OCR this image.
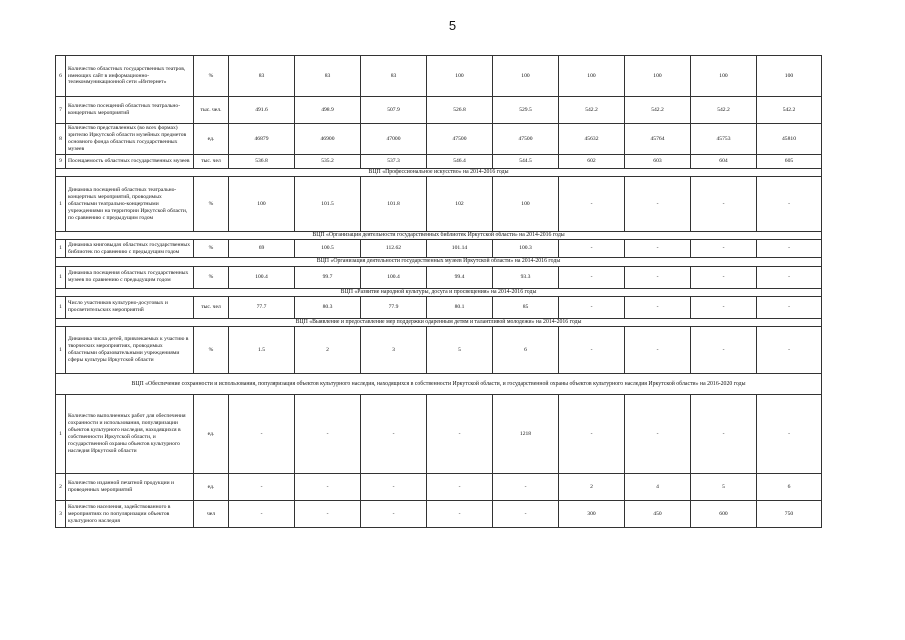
5
6	Количество областных государственных театров, имеющих сайт в информационно-телекоммуникационной сети «Интернет»	%	83	83	83	100	100	100	100	100	100
7	Количество посещений областных театрально-концертных мероприятий	тыс. чел.	491.6	498.9	507.9	526.8	529.5	542.2	542.2	542.2	542.2
8	Количество представленных (во всех формах) зрителю Иркутской области музейных предметов основного фонда областных государственных музеев	ед.	46879	46900	47000	47500	47500	45632	45764	45753	45810
9	Посещаемость областных государственных музеев	тыс. чел	536.8	535.2	537.3	546.4	544.5	602	603	604	605
ВЦП «Профессиональное искусство» на 2014-2016 годы											
1	Динамика посещений областных театрально-концертных мероприятий, проводимых областными театрально-концертными учреждениями на территории Иркутской области, по сравнению с предыдущим годом	%	100	101.5	101.8	102	100	-	-	-	-
ВЦП «Организация деятельности государственных библиотек Иркутской области» на 2014-2016 годы											
1	Динамика книговыдач областных государственных библиотек по сравнению с предыдущим годом	%	69	100.5	112.62	101.14	100.3	-	-	-	-
ВЦП «Организация деятельности государственных музеев Иркутской области» на 2014-2016 годы											
1	Динамика посещения областных государственных музеев по сравнению с предыдущим годом	%	100.4	99.7	100.4	99.4	93.3	-	-	-	-
ВЦП «Развитие народной культуры, досуга и просвещения» на 2014-2016 годы											
1	Число участников культурно-досуговых и просветительских мероприятий	тыс. чел	77.7	80.3	77.9	80.1	85	-	-	-	-
ВЦП «Выявление и предоставление мер поддержки одаренным детям и талантливой молодежи» на 2014-2016 годы											
1	Динамика числа детей, привлекаемых к участию в творческих мероприятиях, проводимых областными образовательными учреждениями сферы культуры Иркутской области	%	1.5	2	3	5	6	-	-	-	-
ВЦП «Обеспечение сохранности и использования, популяризация объектов культурного наследия, находящихся в собственности Иркутской области, и государственной охраны объектов культурного наследия Иркутской области» на 2016-2020 годы											
1	Количество выполненных работ для обеспечения сохранности и использования, популяризации объектов культурного наследия, находящихся в собственности Иркутской области, и государственной охраны объектов культурного наследия Иркутской области	ед.	-	-	-	-	1218	-	-	-	-
2	Количество изданной печатной продукции и проведенных мероприятий	ед.	-	-	-	-	-	2	4	5	6
3	Количество населения, задействованного в мероприятиях по популяризации объектов культурного наследия	чел	-	-	-	-	-	300	450	600	750
